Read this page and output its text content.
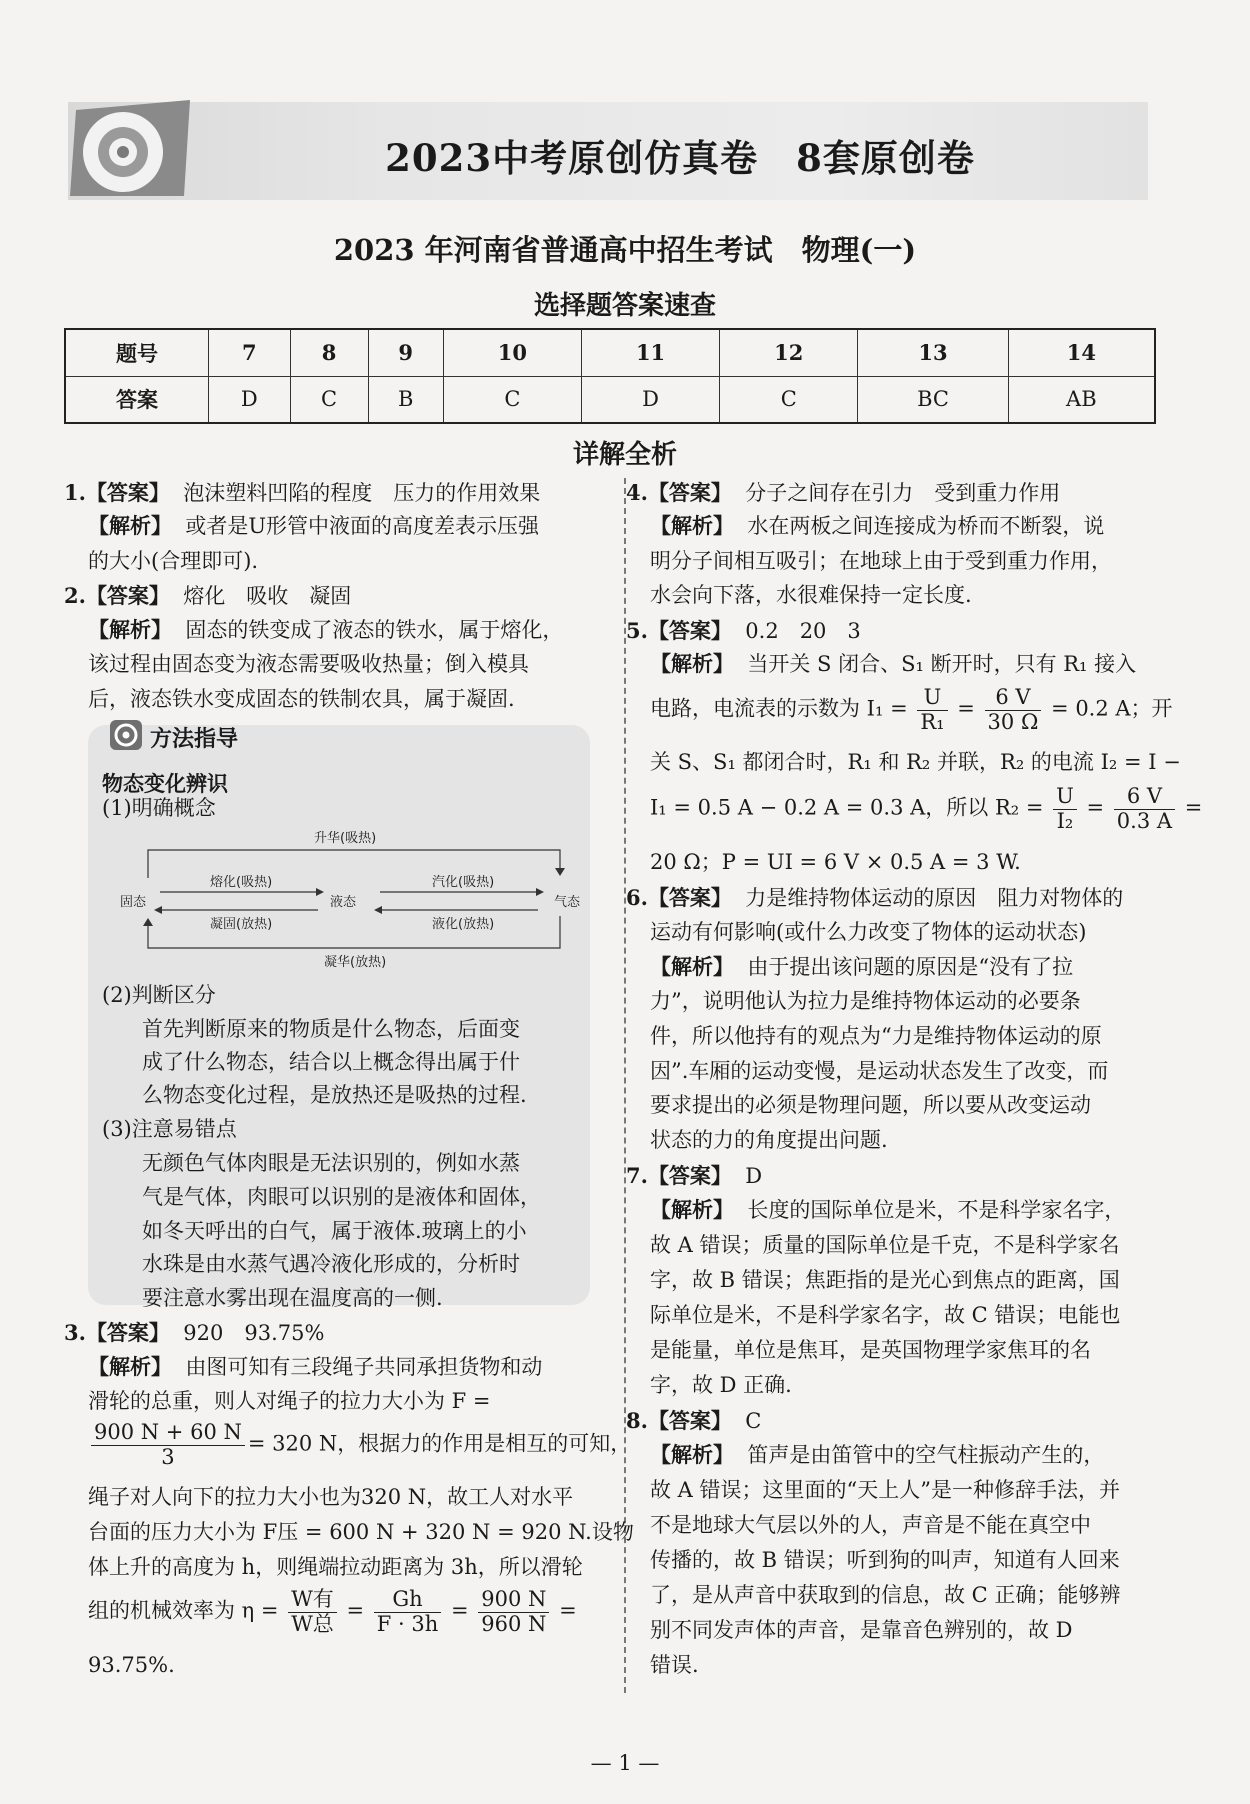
2023中考原创仿真卷　8套原创卷
2023 年河南省普通高中招生考试　物理(一)
选择题答案速查
题号	7	8	9	10	11	12	13	14
答案	D	C	B	C	D	C	BC	AB
详解全析
1.【答案】 泡沫塑料凹陷的程度　压力的作用效果
【解析】 或者是U形管中液面的高度差表示压强
的大小(合理即可).
2.【答案】 熔化　吸收　凝固
【解析】 固态的铁变成了液态的铁水，属于熔化，
该过程由固态变为液态需要吸收热量；倒入模具
后，液态铁水变成固态的铁制农具，属于凝固.
方法指导
物态变化辨识
(1)明确概念
固态	液态	气态
升华(吸热)
熔化(吸热)
凝固(放热)
汽化(吸热)
液化(放热)
凝华(放热)
(2)判断区分
首先判断原来的物质是什么物态，后面变
成了什么物态，结合以上概念得出属于什
么物态变化过程，是放热还是吸热的过程.
(3)注意易错点
无颜色气体肉眼是无法识别的，例如水蒸
气是气体，肉眼可以识别的是液体和固体，
如冬天呼出的白气，属于液体.玻璃上的小
水珠是由水蒸气遇冷液化形成的，分析时
要注意水雾出现在温度高的一侧.
3.【答案】 920　93.75%
【解析】 由图可知有三段绳子共同承担货物和动
滑轮的总重，则人对绳子的拉力大小为 F =
$\frac{900 N + 60 N}{3} = 320$ N，根据力的作用是相互的可知，
绳子对人向下的拉力大小也为320 N，故工人对水平
台面的压力大小为 F压 = 600 N + 320 N = 920 N.设物
体上升的高度为 h，则绳端拉动距离为 3h，所以滑轮
组的机械效率为 $\eta = \frac{\text{W有}}{\text{W总}} = \frac{Gh}{F \cdot 3h} = \frac{900 N}{960 N}$ =
93.75%.
4.【答案】 分子之间存在引力　受到重力作用
【解析】 水在两板之间连接成为桥而不断裂，说
明分子间相互吸引；在地球上由于受到重力作用，
水会向下落，水很难保持一定长度.
5.【答案】 0.2　20　3
【解析】 当开关 S 闭合、S₁ 断开时，只有 R₁ 接入
电路，电流表的示数为 $I_1 = \frac{U}{\text{R₁}} = \frac{6 V}{30 \Omega} = 0.2$ A；开
关 S、S₁ 都闭合时，R₁ 和 R₂ 并联，R₂ 的电流 I₂ = I −
I₁ = 0.5 A − 0.2 A = 0.3 A，所以 $R_2 = \frac{U}{\text{I₂}} = \frac{6 V}{0.3 A}$ =
20 Ω；P = UI = 6 V × 0.5 A = 3 W.
6.【答案】 力是维持物体运动的原因　阻力对物体的
运动有何影响(或什么力改变了物体的运动状态)
【解析】 由于提出该问题的原因是“没有了拉
力”，说明他认为拉力是维持物体运动的必要条
件，所以他持有的观点为“力是维持物体运动的原
因”.车厢的运动变慢，是运动状态发生了改变，而
要求提出的必须是物理问题，所以要从改变运动
状态的力的角度提出问题.
7.【答案】 D
【解析】 长度的国际单位是米，不是科学家名字，
故 A 错误；质量的国际单位是千克，不是科学家名
字，故 B 错误；焦距指的是光心到焦点的距离，国
际单位是米，不是科学家名字，故 C 错误；电能也
是能量，单位是焦耳，是英国物理学家焦耳的名
字，故 D 正确.
8.【答案】 C
【解析】 笛声是由笛管中的空气柱振动产生的，
故 A 错误；这里面的“天上人”是一种修辞手法，并
不是地球大气层以外的人，声音是不能在真空中
传播的，故 B 错误；听到狗的叫声，知道有人回来
了，是从声音中获取到的信息，故 C 正确；能够辨
别不同发声体的声音，是靠音色辨别的，故 D
错误.
— 1 —
